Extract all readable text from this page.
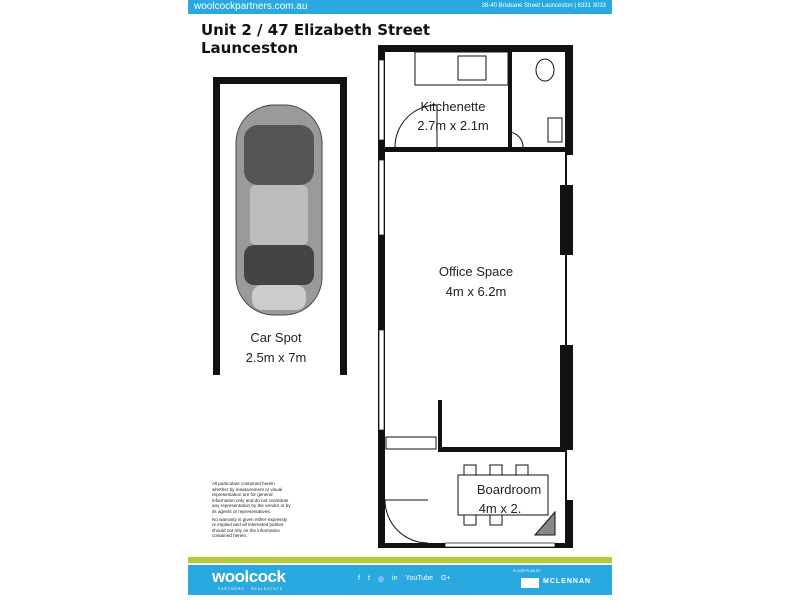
woolcockpartners.com.au	38-40 Brisbane Street Launceston | 6331 3033
Unit 2 / 47 Elizabeth Street
Launceston
Car Spot
2.5m x 7m
Kitchenette
2.7m x 2.1m
Office Space
4m x 6.2m
Boardroom
4m x 2.

All particulars contained herein whether by measurement or visual representation are for general information only and do not constitute any representation by the vendor or by its agents or representatives.

No warranty is given either expressly or implied and all interested parties should not rely on the information contained herein.

woolcock
PARTNERS · REALESTATE
f t ◎ in YouTube G+
FLOOR PLAN BY
MCLENNAN
